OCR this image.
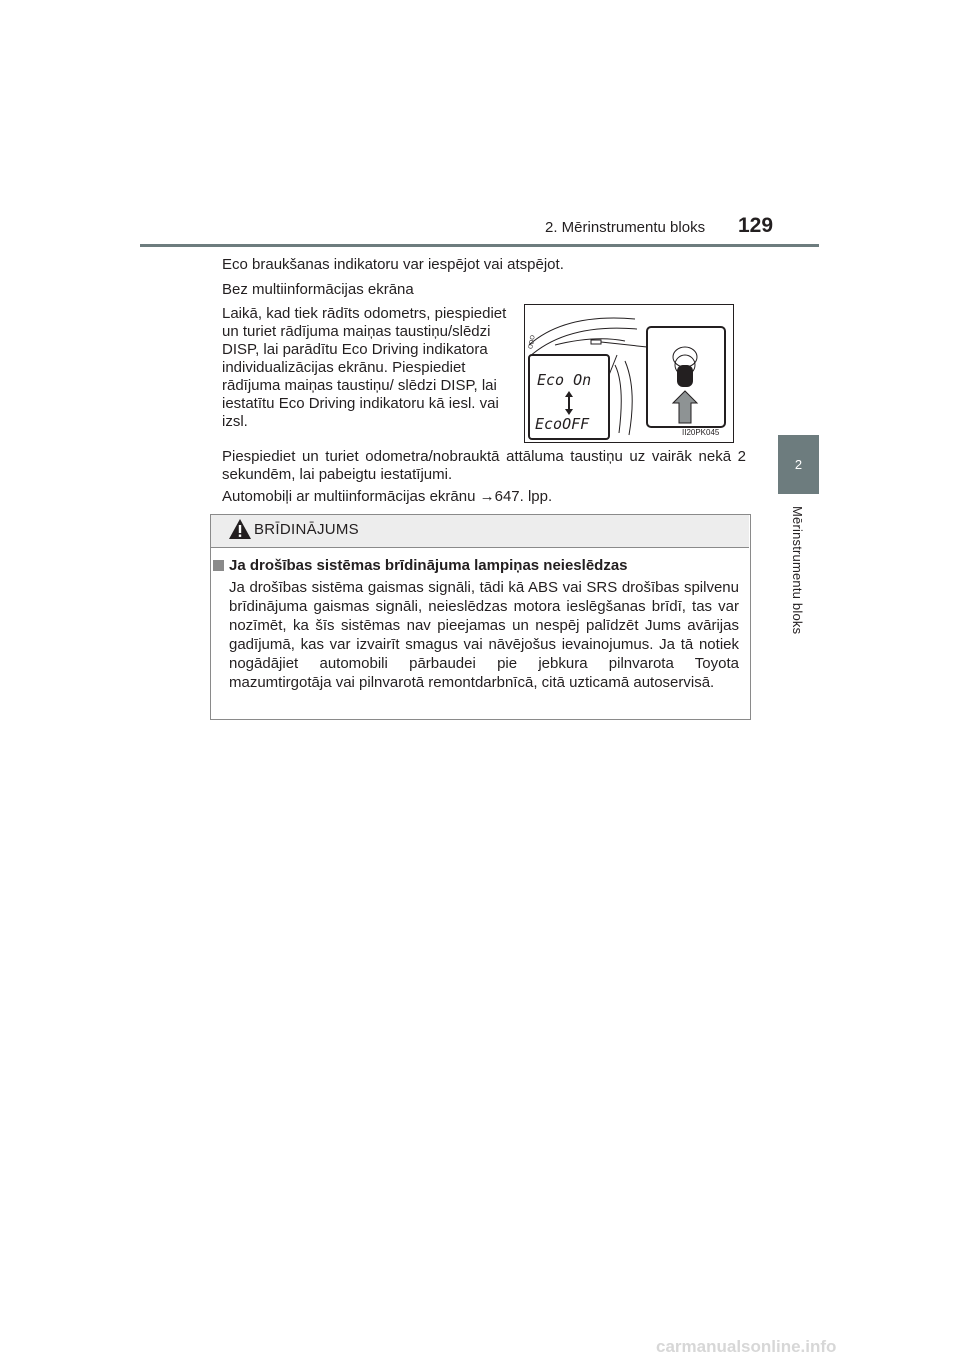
2. Mērinstrumentu bloks 129
2
Mērinstrumentu bloks
Eco braukšanas indikatoru var iespējot vai atspējot.
Bez multiinformācijas ekrāna
Laikā, kad tiek rādīts odometrs, piespiediet un turiet rādījuma maiņas taustiņu/slēdzi DISP, lai parādītu Eco Driving indikatora individualizācijas ekrānu. Piespiediet rādījuma maiņas taustiņu/ slēdzi DISP, lai iestatītu Eco Driving indikatoru kā iesl. vai izsl.
Eco On
EcoOFF
ODO
II20PK045
Piespiediet un turiet odometra/nobrauktā attāluma taustiņu uz vairāk nekā 2 sekundēm, lai pabeigtu iestatījumi.
Automobiļi ar multiinformācijas ekrānu →647. lpp.
BRĪDINĀJUMS
Ja drošības sistēmas brīdinājuma lampiņas neieslēdzas
Ja drošības sistēma gaismas signāli, tādi kā ABS vai SRS drošības spilvenu brīdinājuma gaismas signāli, neieslēdzas motora ieslēgšanas brīdī, tas var nozīmēt, ka šīs sistēmas nav pieejamas un nespēj palīdzēt Jums avārijas gadījumā, kas var izvairīt smagus vai nāvējošus ievainojumus. Ja tā notiek nogādājiet automobili pārbaudei pie jebkura pilnvarota Toyota mazumtirgotāja vai pilnvarotā remontdarbnīcā, citā uzticamā autoservisā.
carmanualsonline.info
